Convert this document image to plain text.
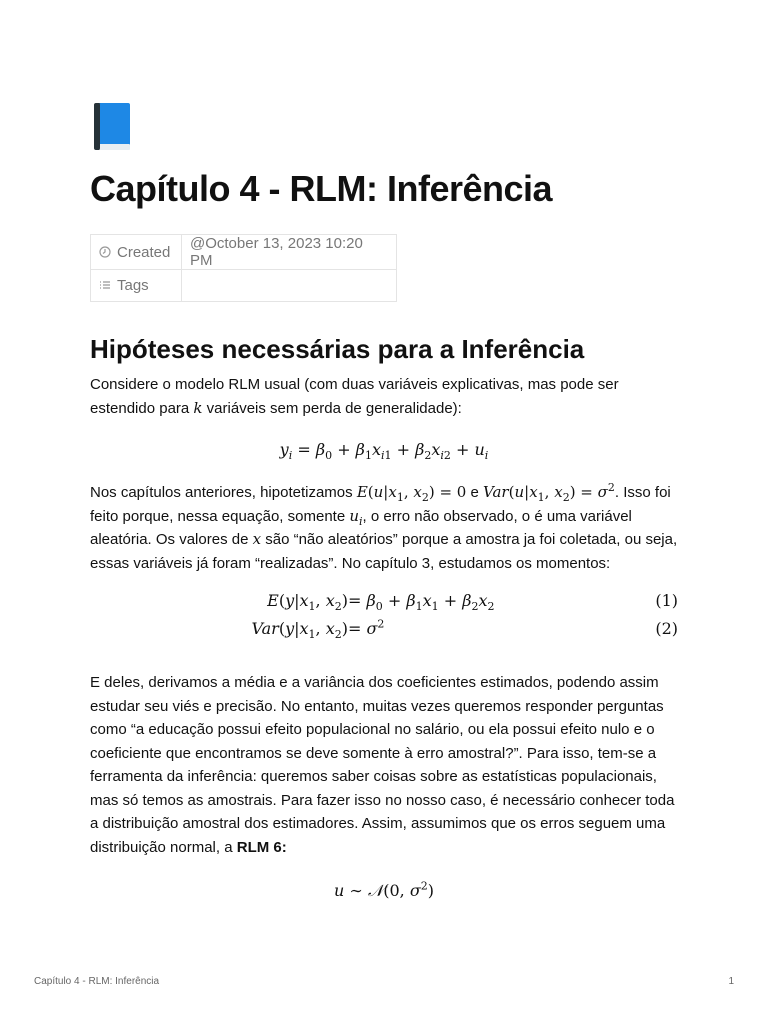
Capítulo 4 - RLM: Inferência
Created	@October 13, 2023 10:20 PM
Tags	
Hipóteses necessárias para a Inferência

Considere o modelo RLM usual (com duas variáveis explicativas, mas pode ser estendido para k variáveis sem perda de generalidade):

$y_i = \beta_0 + \beta_1x_{i1} + \beta_2x_{i2} + u_i$

Nos capítulos anteriores, hipotetizamos $E(u|x_1$, $x_2) = 0$ e $Var(u|x_1$, $x_2) = \sigma^2$. Isso foi feito porque, nessa equação, somente $u_i$, o erro não observado, o é uma variável aleatória. Os valores de x são “não aleatórios” porque a amostra ja foi coletada, ou seja, essas variáveis já foram “realizadas”. No capítulo 3, estudamos os momentos:

$E(y|x_1$, $x_2) = \beta_0 + \beta_1x_1 + \beta_2x_2$	(1)
$Var(y|x_1$, $x_2) = \sigma^2$	(2)

E deles, derivamos a média e a variância dos coeficientes estimados, podendo assim estudar seu viés e precisão. No entanto, muitas vezes queremos responder perguntas como “a educação possui efeito populacional no salário, ou ela possui efeito nulo e o coeficiente que encontramos se deve somente à erro amostral?”. Para isso, tem-se a ferramenta da inferência: queremos saber coisas sobre as estatísticas populacionais, mas só temos as amostrais. Para fazer isso no nosso caso, é necessário conhecer toda a distribuição amostral dos estimadores. Assim, assumimos que os erros seguem uma distribuição normal, a RLM 6:

u ∼ 𝒩(0, $\sigma^2$)
Capítulo 4 - RLM: Inferência	1
